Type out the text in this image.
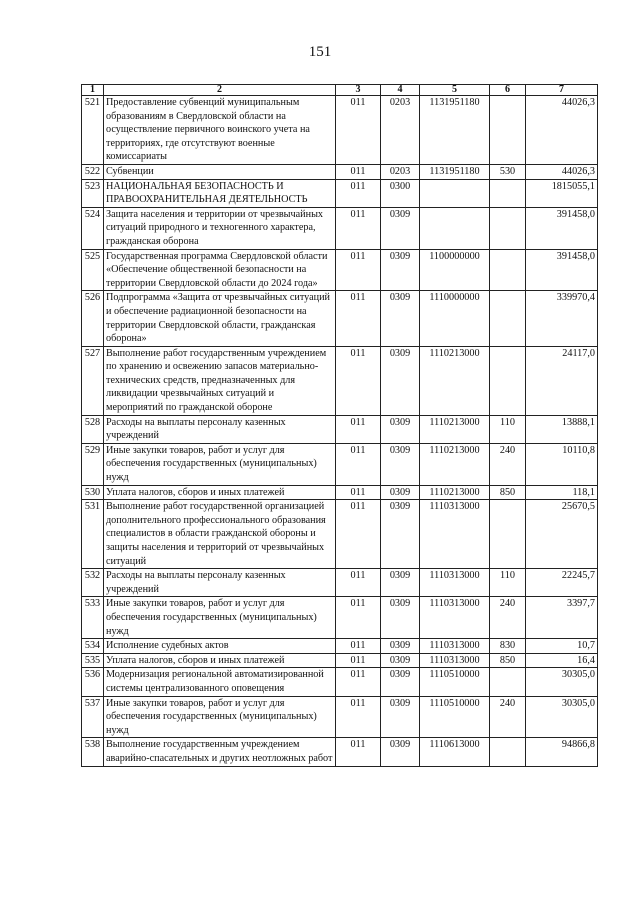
151
1	2	3	4	5	6	7
521	Предоставление субвенций муниципальным образованиям в Свердловской области на осуществление первичного воинского учета на территориях, где отсутствуют военные комиссариаты	011	0203	1131951180		44026,3
522	Субвенции	011	0203	1131951180	530	44026,3
523	НАЦИОНАЛЬНАЯ БЕЗОПАСНОСТЬ И ПРАВООХРАНИТЕЛЬНАЯ ДЕЯТЕЛЬНОСТЬ	011	0300			1815055,1
524	Защита населения и территории от чрезвычайных ситуаций природного и техногенного характера, гражданская оборона	011	0309			391458,0
525	Государственная программа Свердловской области «Обеспечение общественной безопасности на территории Свердловской области до 2024 года»	011	0309	1100000000		391458,0
526	Подпрограмма «Защита от чрезвычайных ситуаций и обеспечение радиационной безопасности на территории Свердловской области, гражданская оборона»	011	0309	1110000000		339970,4
527	Выполнение работ государственным учреждением по хранению и освежению запасов материально-технических средств, предназначенных для ликвидации чрезвычайных ситуаций и мероприятий по гражданской обороне	011	0309	1110213000		24117,0
528	Расходы на выплаты персоналу казенных учреждений	011	0309	1110213000	110	13888,1
529	Иные закупки товаров, работ и услуг для обеспечения государственных (муниципальных) нужд	011	0309	1110213000	240	10110,8
530	Уплата налогов, сборов и иных платежей	011	0309	1110213000	850	118,1
531	Выполнение работ государственной организацией дополнительного профессионального образования специалистов в области гражданской обороны и защиты населения и территорий от чрезвычайных ситуаций	011	0309	1110313000		25670,5
532	Расходы на выплаты персоналу казенных учреждений	011	0309	1110313000	110	22245,7
533	Иные закупки товаров, работ и услуг для обеспечения государственных (муниципальных) нужд	011	0309	1110313000	240	3397,7
534	Исполнение судебных актов	011	0309	1110313000	830	10,7
535	Уплата налогов, сборов и иных платежей	011	0309	1110313000	850	16,4
536	Модернизация региональной автоматизированной системы централизованного оповещения	011	0309	1110510000		30305,0
537	Иные закупки товаров, работ и услуг для обеспечения государственных (муниципальных) нужд	011	0309	1110510000	240	30305,0
538	Выполнение государственным учреждением аварийно-спасательных и других неотложных работ	011	0309	1110613000		94866,8
